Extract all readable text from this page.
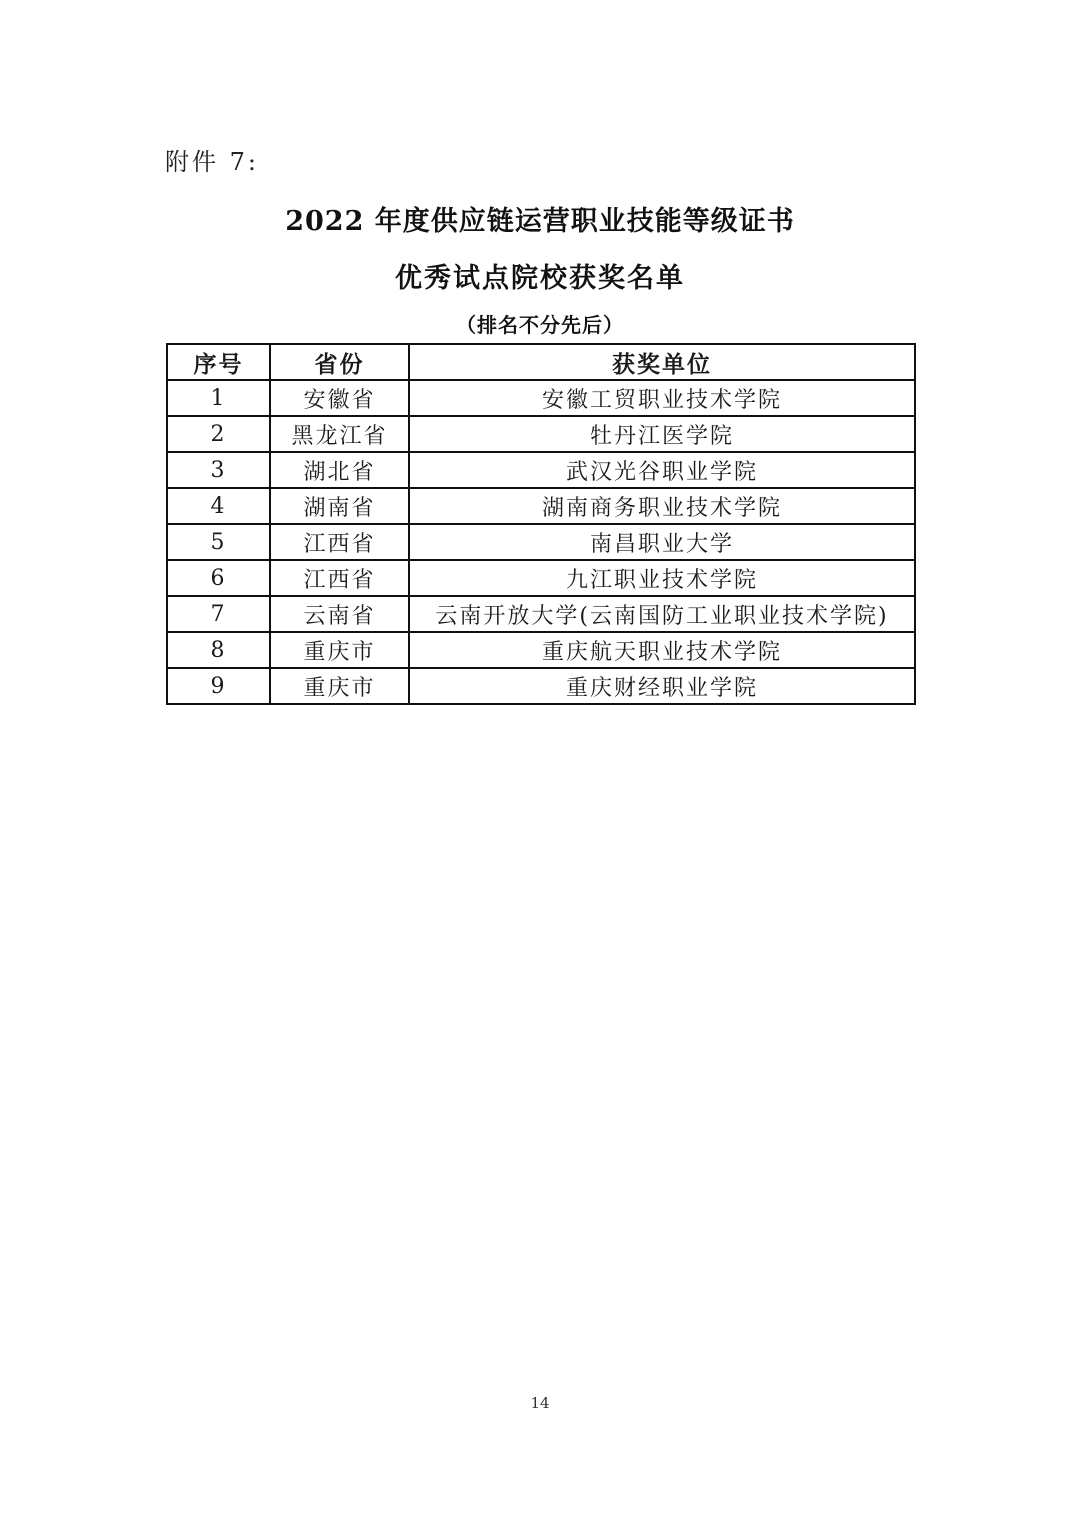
附件 7:
2022 年度供应链运营职业技能等级证书
优秀试点院校获奖名单
（排名不分先后）
序号	省份	获奖单位
1	安徽省	安徽工贸职业技术学院
2	黑龙江省	牡丹江医学院
3	湖北省	武汉光谷职业学院
4	湖南省	湖南商务职业技术学院
5	江西省	南昌职业大学
6	江西省	九江职业技术学院
7	云南省	云南开放大学(云南国防工业职业技术学院)
8	重庆市	重庆航天职业技术学院
9	重庆市	重庆财经职业学院
14
